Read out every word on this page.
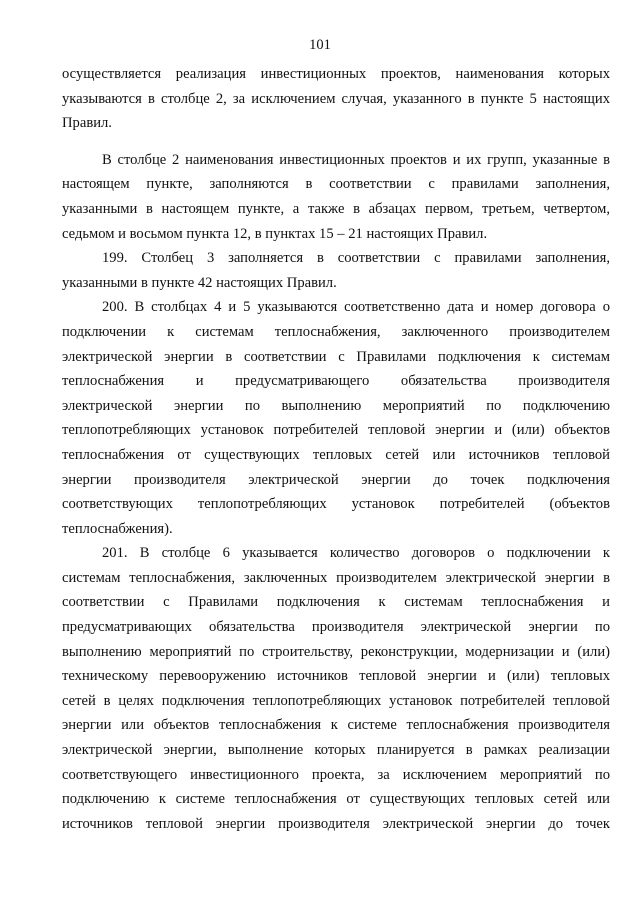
101
осуществляется реализация инвестиционных проектов, наименования которых
указываются в столбце 2, за исключением случая, указанного в пункте 5 настоящих
Правил.
В столбце 2 наименования инвестиционных проектов и их групп, указанные в
настоящем пункте, заполняются в соответствии с правилами заполнения,
указанными в настоящем пункте, а также в абзацах первом, третьем, четвертом,
седьмом и восьмом пункта 12, в пунктах 15 – 21 настоящих Правил.
199. Столбец 3 заполняется в соответствии с правилами заполнения,
указанными в пункте 42 настоящих Правил.
200. В столбцах 4 и 5 указываются соответственно дата и номер договора о
подключении к системам теплоснабжения, заключенного производителем
электрической энергии в соответствии с Правилами подключения к системам
теплоснабжения и предусматривающего обязательства производителя
электрической энергии по выполнению мероприятий по подключению
теплопотребляющих установок потребителей тепловой энергии и (или) объектов
теплоснабжения от существующих тепловых сетей или источников тепловой
энергии производителя электрической энергии до точек подключения
соответствующих теплопотребляющих установок потребителей (объектов
теплоснабжения).
201. В столбце 6 указывается количество договоров о подключении к
системам теплоснабжения, заключенных производителем электрической энергии в
соответствии с Правилами подключения к системам теплоснабжения и
предусматривающих обязательства производителя электрической энергии по
выполнению мероприятий по строительству, реконструкции, модернизации и (или)
техническому перевооружению источников тепловой энергии и (или) тепловых
сетей в целях подключения теплопотребляющих установок потребителей тепловой
энергии или объектов теплоснабжения к системе теплоснабжения производителя
электрической энергии, выполнение которых планируется в рамках реализации
соответствующего инвестиционного проекта, за исключением мероприятий по
подключению к системе теплоснабжения от существующих тепловых сетей или
источников тепловой энергии производителя электрической энергии до точек
